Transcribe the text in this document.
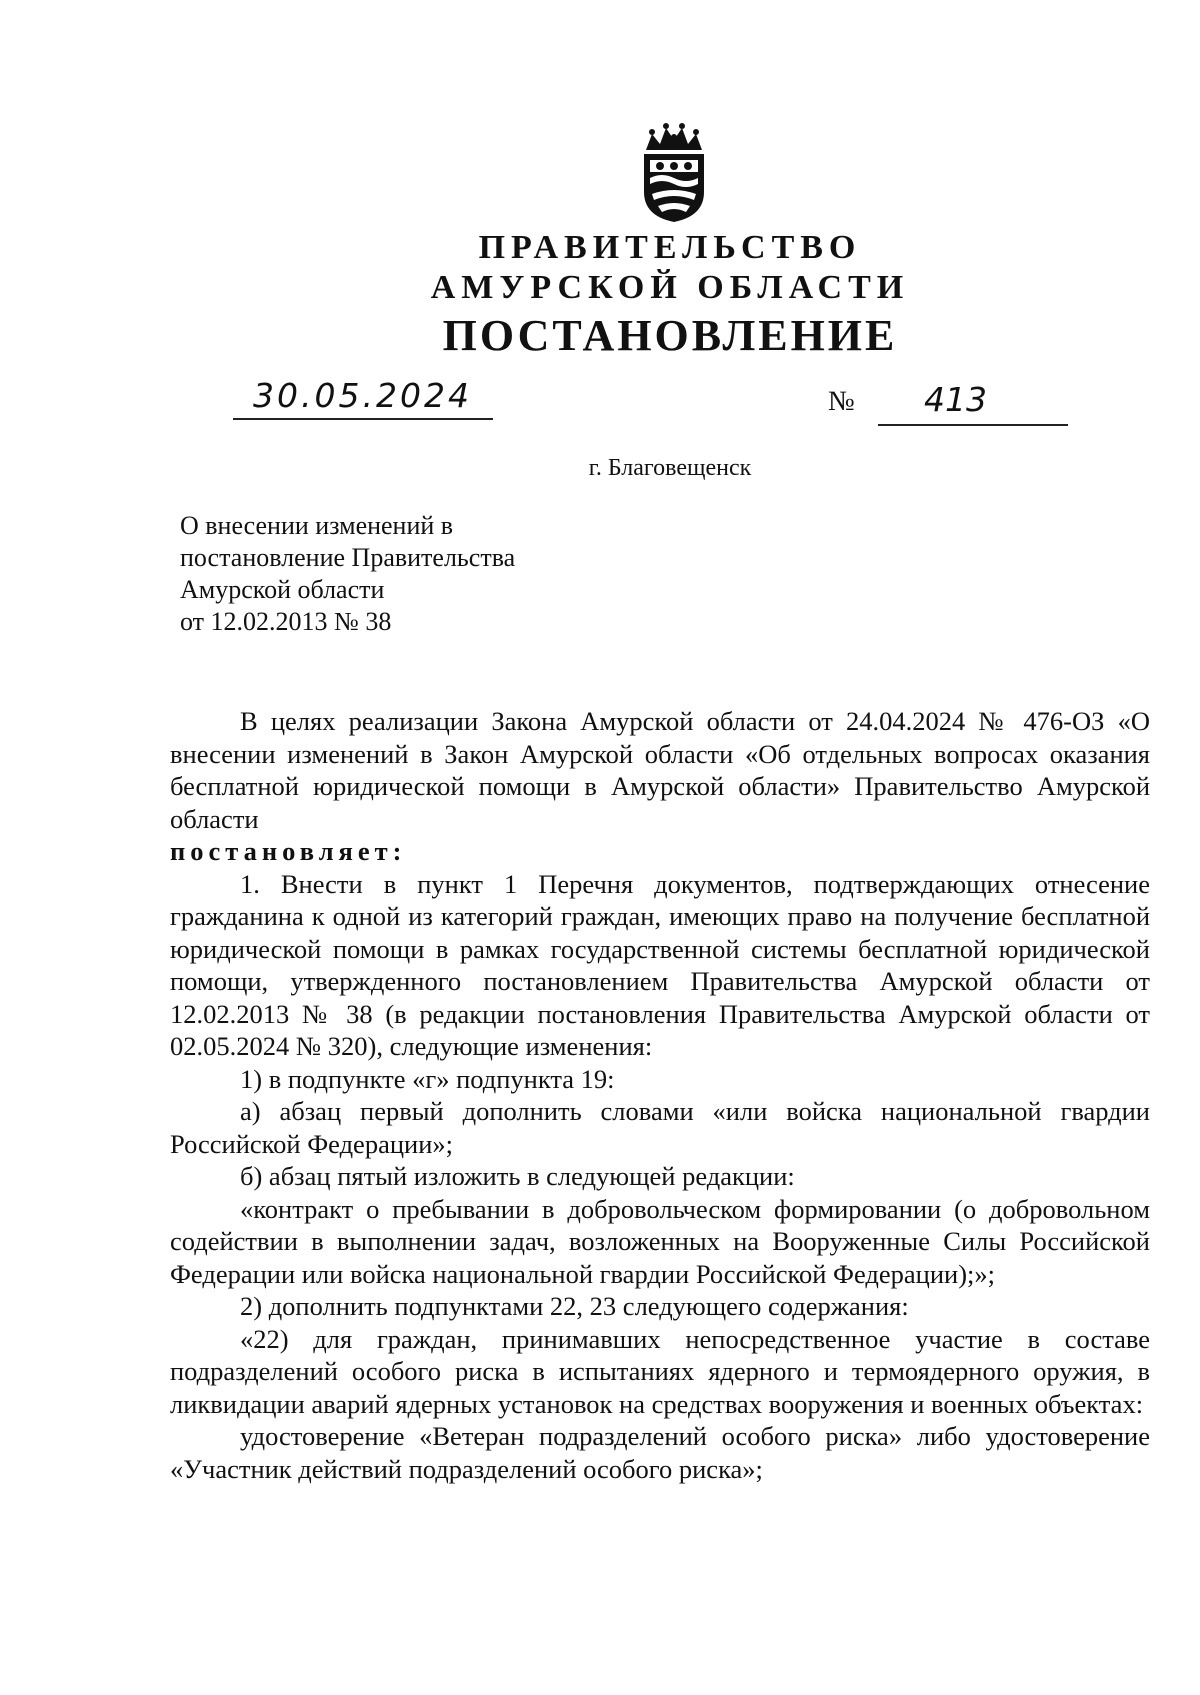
ПРАВИТЕЛЬСТВО
АМУРСКОЙ ОБЛАСТИ
ПОСТАНОВЛЕНИЕ
30.05.2024	№ 413
г. Благовещенск
О внесении изменений в
постановление Правительства
Амурской области
от 12.02.2013 № 38

В целях реализации Закона Амурской области от 24.04.2024 № 476-ОЗ «О внесении изменений в Закон Амурской области «Об отдельных вопросах оказания бесплатной юридической помощи в Амурской области» Правительство Амурской области

постановляет:

1. Внести в пункт 1 Перечня документов, подтверждающих отнесение гражданина к одной из категорий граждан, имеющих право на получение бесплатной юридической помощи в рамках государственной системы бесплатной юридической помощи, утвержденного постановлением Правительства Амурской области от 12.02.2013 № 38 (в редакции постановления Правительства Амурской области от 02.05.2024 № 320), следующие изменения:

1) в подпункте «г» подпункта 19:

а) абзац первый дополнить словами «или войска национальной гвардии Российской Федерации»;

б) абзац пятый изложить в следующей редакции:

«контракт о пребывании в добровольческом формировании (о добровольном содействии в выполнении задач, возложенных на Вооруженные Силы Российской Федерации или войска национальной гвардии Российской Федерации);»;

2) дополнить подпунктами 22, 23 следующего содержания:

«22) для граждан, принимавших непосредственное участие в составе подразделений особого риска в испытаниях ядерного и термоядерного оружия, в ликвидации аварий ядерных установок на средствах вооружения и военных объектах:

удостоверение «Ветеран подразделений особого риска» либо удостоверение «Участник действий подразделений особого риска»;
